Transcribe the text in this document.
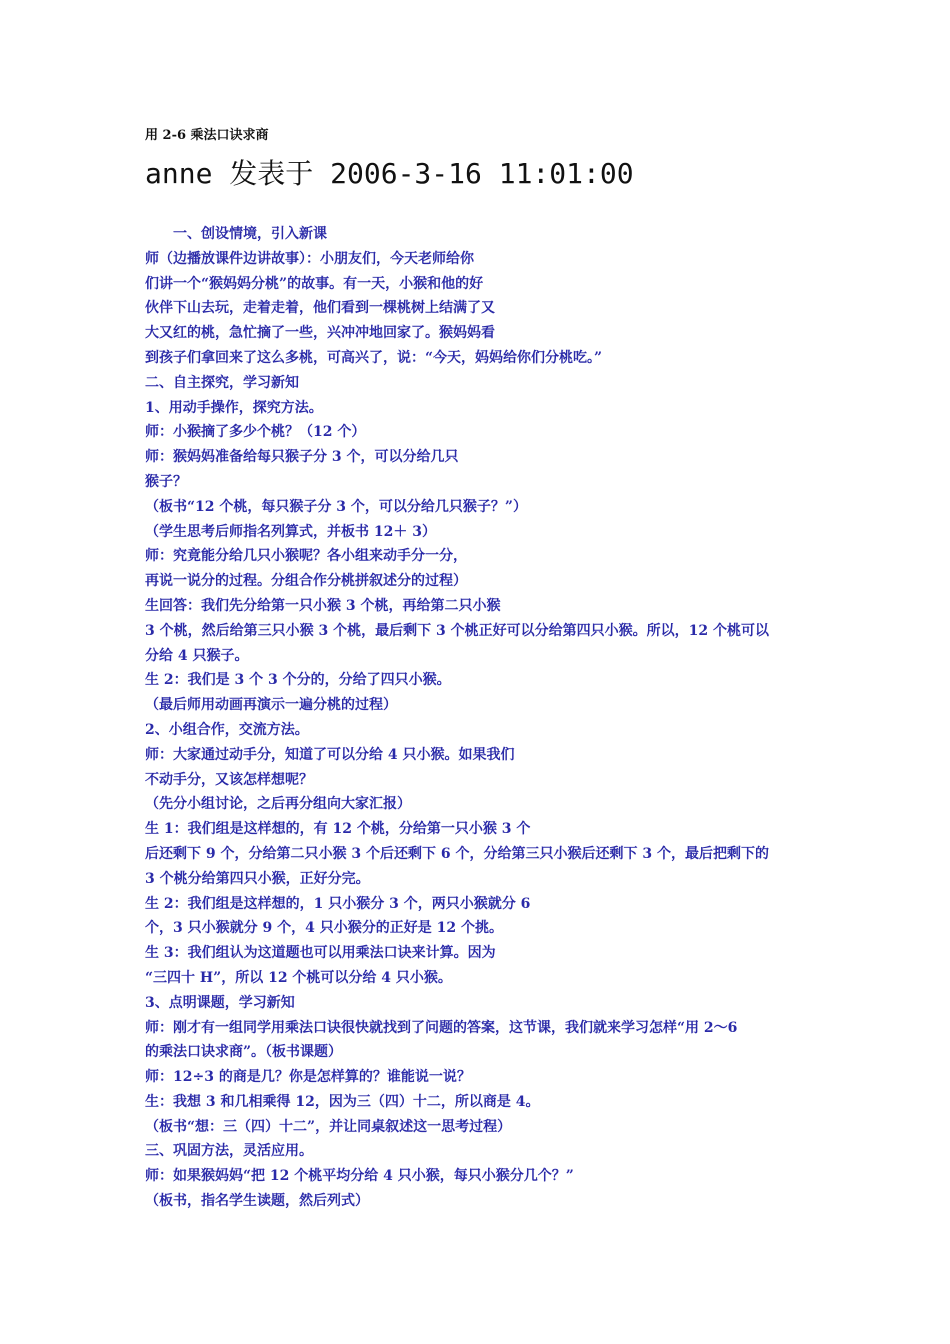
用 2-6 乘法口诀求商
anne 发表于 2006-3-16 11:01:00
一、创设情境，引入新课
师（边播放课件边讲故事）：小朋友们，今天老师给你
们讲一个“猴妈妈分桃”的故事。有一天，小猴和他的好
伙伴下山去玩，走着走着，他们看到一棵桃树上结满了又
大又红的桃，急忙摘了一些，兴冲冲地回家了。猴妈妈看
到孩子们拿回来了这么多桃，可高兴了，说：“今天，妈妈给你们分桃吃。”
二、自主探究，学习新知
1、用动手操作，探究方法。
师：小猴摘了多少个桃？（12 个）
师：猴妈妈准备给每只猴子分 3 个，可以分给几只
猴子？
（板书“12 个桃，每只猴子分 3 个，可以分给几只猴子？”）
（学生思考后师指名列算式，并板书 12＋ 3）
师：究竟能分给几只小猴呢？各小组来动手分一分，
再说一说分的过程。分组合作分桃拼叙述分的过程）
生回答：我们先分给第一只小猴 3 个桃，再给第二只小猴
3 个桃，然后给第三只小猴 3 个桃，最后剩下 3 个桃正好可以分给第四只小猴。所以，12 个桃可以
分给 4 只猴子。
生 2：我们是 3 个 3 个分的，分给了四只小猴。
（最后师用动画再演示一遍分桃的过程）
2、小组合作，交流方法。
师：大家通过动手分，知道了可以分给 4 只小猴。如果我们
不动手分，又该怎样想呢？
（先分小组讨论，之后再分组向大家汇报）
生 1：我们组是这样想的，有 12 个桃，分给第一只小猴 3 个
后还剩下 9 个，分给第二只小猴 3 个后还剩下 6 个，分给第三只小猴后还剩下 3 个，最后把剩下的
3 个桃分给第四只小猴，正好分完。
生 2：我们组是这样想的，1 只小猴分 3 个，两只小猴就分 6
个，3 只小猴就分 9 个，4 只小猴分的正好是 12 个挑。
生 3：我们组认为这道题也可以用乘法口诀来计算。因为
“三四十 H”，所以 12 个桃可以分给 4 只小猴。
3、点明课题，学习新知
师：刚才有一组同学用乘法口诀很快就找到了问题的答案，这节课，我们就来学习怎样“用 2～6
的乘法口诀求商”。（板书课题）
师：12÷3 的商是几？你是怎样算的？谁能说一说？
生：我想 3 和几相乘得 12，因为三（四）十二，所以商是 4。
（板书“想：三（四）十二”，并让同桌叙述这一思考过程）
三、巩固方法，灵活应用。
师：如果猴妈妈“把 12 个桃平均分给 4 只小猴，每只小猴分几个？”
（板书，指名学生读题，然后列式）
